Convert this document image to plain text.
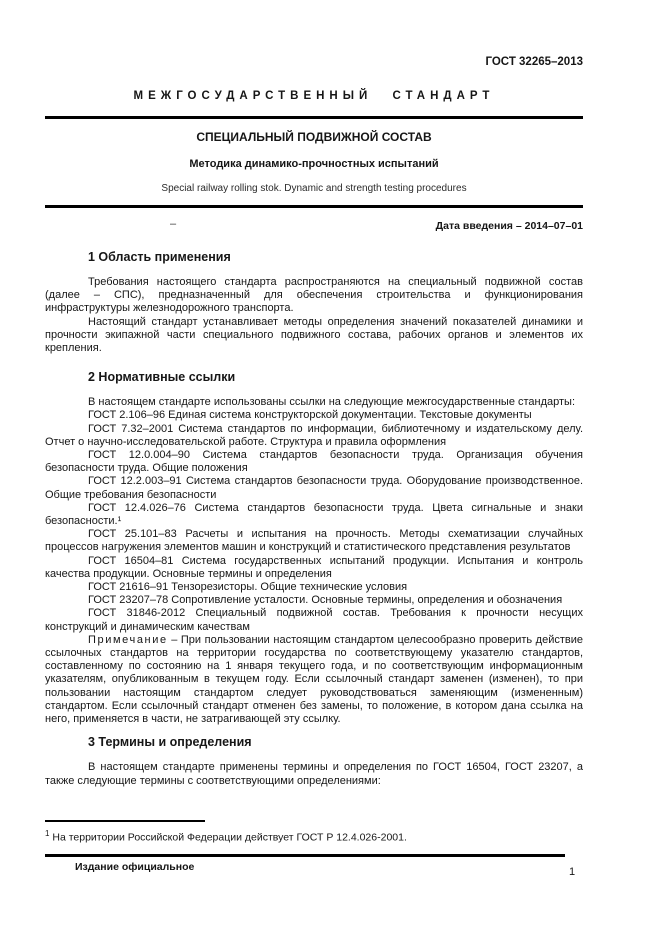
ГОСТ 32265–2013
МЕЖГОСУДАРСТВЕННЫЙ СТАНДАРТ
СПЕЦИАЛЬНЫЙ ПОДВИЖНОЙ СОСТАВ
Методика динамико-прочностных испытаний
Special railway rolling stok. Dynamic and strength testing procedures
–	Дата введения – 2014–07–01
1 Область применения

Требования настоящего стандарта распространяются на специальный подвижной состав (далее – СПС), предназначенный для обеспечения строительства и функционирования инфраструктуры железнодорожного транспорта.

Настоящий стандарт устанавливает методы определения значений показателей динамики и прочности экипажной части специального подвижного состава, рабочих органов и элементов их крепления.

2 Нормативные ссылки

В настоящем стандарте использованы ссылки на следующие межгосударственные стандарты:

ГОСТ 2.106–96 Единая система конструкторской документации. Текстовые документы

ГОСТ 7.32–2001 Система стандартов по информации, библиотечному и издательскому делу. Отчет о научно-исследовательской работе. Структура и правила оформления

ГОСТ 12.0.004–90 Система стандартов безопасности труда. Организация обучения безопасности труда. Общие положения

ГОСТ 12.2.003–91 Система стандартов безопасности труда. Оборудование производственное. Общие требования безопасности

ГОСТ 12.4.026–76 Система стандартов безопасности труда. Цвета сигнальные и знаки безопасности.¹

ГОСТ 25.101–83 Расчеты и испытания на прочность. Методы схематизации случайных процессов нагружения элементов машин и конструкций и статистического представления результатов

ГОСТ 16504–81 Система государственных испытаний продукции. Испытания и контроль качества продукции. Основные термины и определения

ГОСТ 21616–91 Тензорезисторы. Общие технические условия

ГОСТ 23207–78 Сопротивление усталости. Основные термины, определения и обозначения

ГОСТ 31846-2012 Специальный подвижной состав. Требования к прочности несущих конструкций и динамическим качествам

Примечание – При пользовании настоящим стандартом целесообразно проверить действие ссылочных стандартов на территории государства по соответствующему указателю стандартов, составленному по состоянию на 1 января текущего года, и по соответствующим информационным указателям, опубликованным в текущем году. Если ссылочный стандарт заменен (изменен), то при пользовании настоящим стандартом следует руководствоваться заменяющим (измененным) стандартом. Если ссылочный стандарт отменен без замены, то положение, в котором дана ссылка на него, применяется в части, не затрагивающей эту ссылку.

3 Термины и определения

В настоящем стандарте применены термины и определения по ГОСТ 16504, ГОСТ 23207, а также следующие термины с соответствующими определениями:

$^1$ На территории Российской Федерации действует ГОСТ Р 12.4.026-2001.
Издание официальное	1
